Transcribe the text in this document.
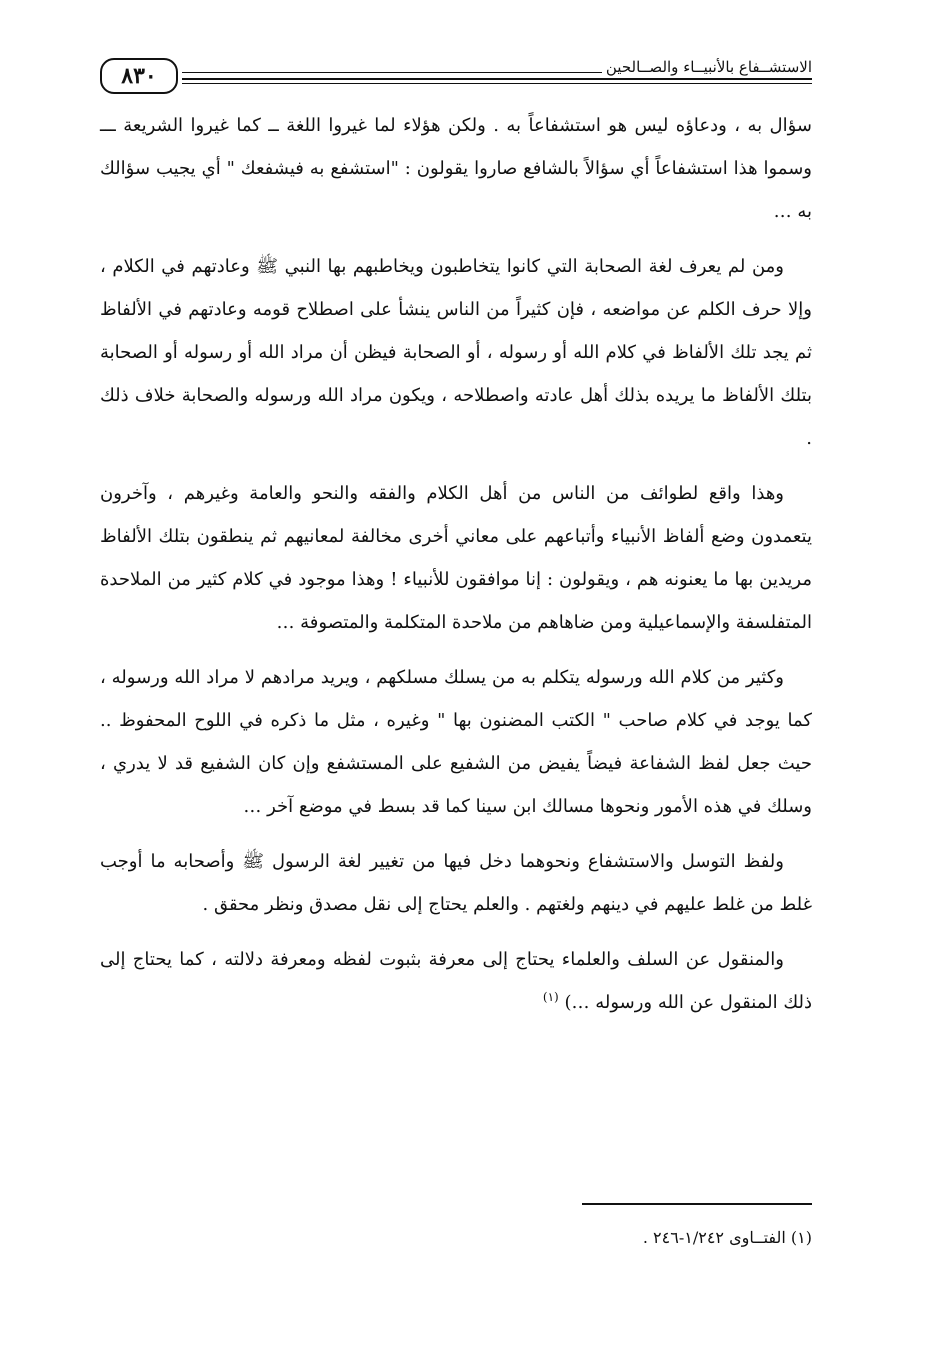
الاستشــفاع بالأنبيــاء والصــالحين
٨٣٠

سؤال به ، ودعاؤه ليس هو استشفاعاً به . ولكن هؤلاء لما غيروا اللغة ــ كما غيروا الشريعة ـــ وسموا هذا استشفاعاً أي سؤالاً بالشافع صاروا يقولون : "استشفع به فيشفعك " أي يجيب سؤالك به …

ومن لم يعرف لغة الصحابة التي كانوا يتخاطبون ويخاطبهم بها النبي ﷺ وعادتهم في الكلام ، وإلا حرف الكلم عن مواضعه ، فإن كثيراً من الناس ينشأ على اصطلاح قومه وعادتهم في الألفاظ ثم يجد تلك الألفاظ في كلام الله أو رسوله ، أو الصحابة فيظن أن مراد الله أو رسوله أو الصحابة بتلك الألفاظ ما يريده بذلك أهل عادته واصطلاحه ، ويكون مراد الله ورسوله والصحابة خلاف ذلك .

وهذا واقع لطوائف من الناس من أهل الكلام والفقه والنحو والعامة وغيرهم ، وآخرون يتعمدون وضع ألفاظ الأنبياء وأتباعهم على معاني أخرى مخالفة لمعانيهم ثم ينطقون بتلك الألفاظ مريدين بها ما يعنونه هم ، ويقولون : إنا موافقون للأنبياء ! وهذا موجود في كلام كثير من الملاحدة المتفلسفة والإسماعيلية ومن ضاهاهم من ملاحدة المتكلمة والمتصوفة …

وكثير من كلام الله ورسوله يتكلم به من يسلك مسلكهم ، ويريد مرادهم لا مراد الله ورسوله ، كما يوجد في كلام صاحب " الكتب المضنون بها " وغيره ، مثل ما ذكره في اللوح المحفوظ .. حيث جعل لفظ الشفاعة فيضاً يفيض من الشفيع على المستشفع وإن كان الشفيع قد لا يدري ، وسلك في هذه الأمور ونحوها مسالك ابن سينا كما قد بسط في موضع آخر …

ولفظ التوسل والاستشفاع ونحوهما دخل فيها من تغيير لغة الرسول ﷺ وأصحابه ما أوجب غلط من غلط عليهم في دينهم ولغتهم . والعلم يحتاج إلى نقل مصدق ونظر محقق .

والمنقول عن السلف والعلماء يحتاج إلى معرفة بثبوت لفظه ومعرفة دلالته ، كما يحتاج إلى ذلك المنقول عن الله ورسوله …) $^{(١)}$

(١) الفتــاوى ١/٢٤٢-٢٤٦ .
